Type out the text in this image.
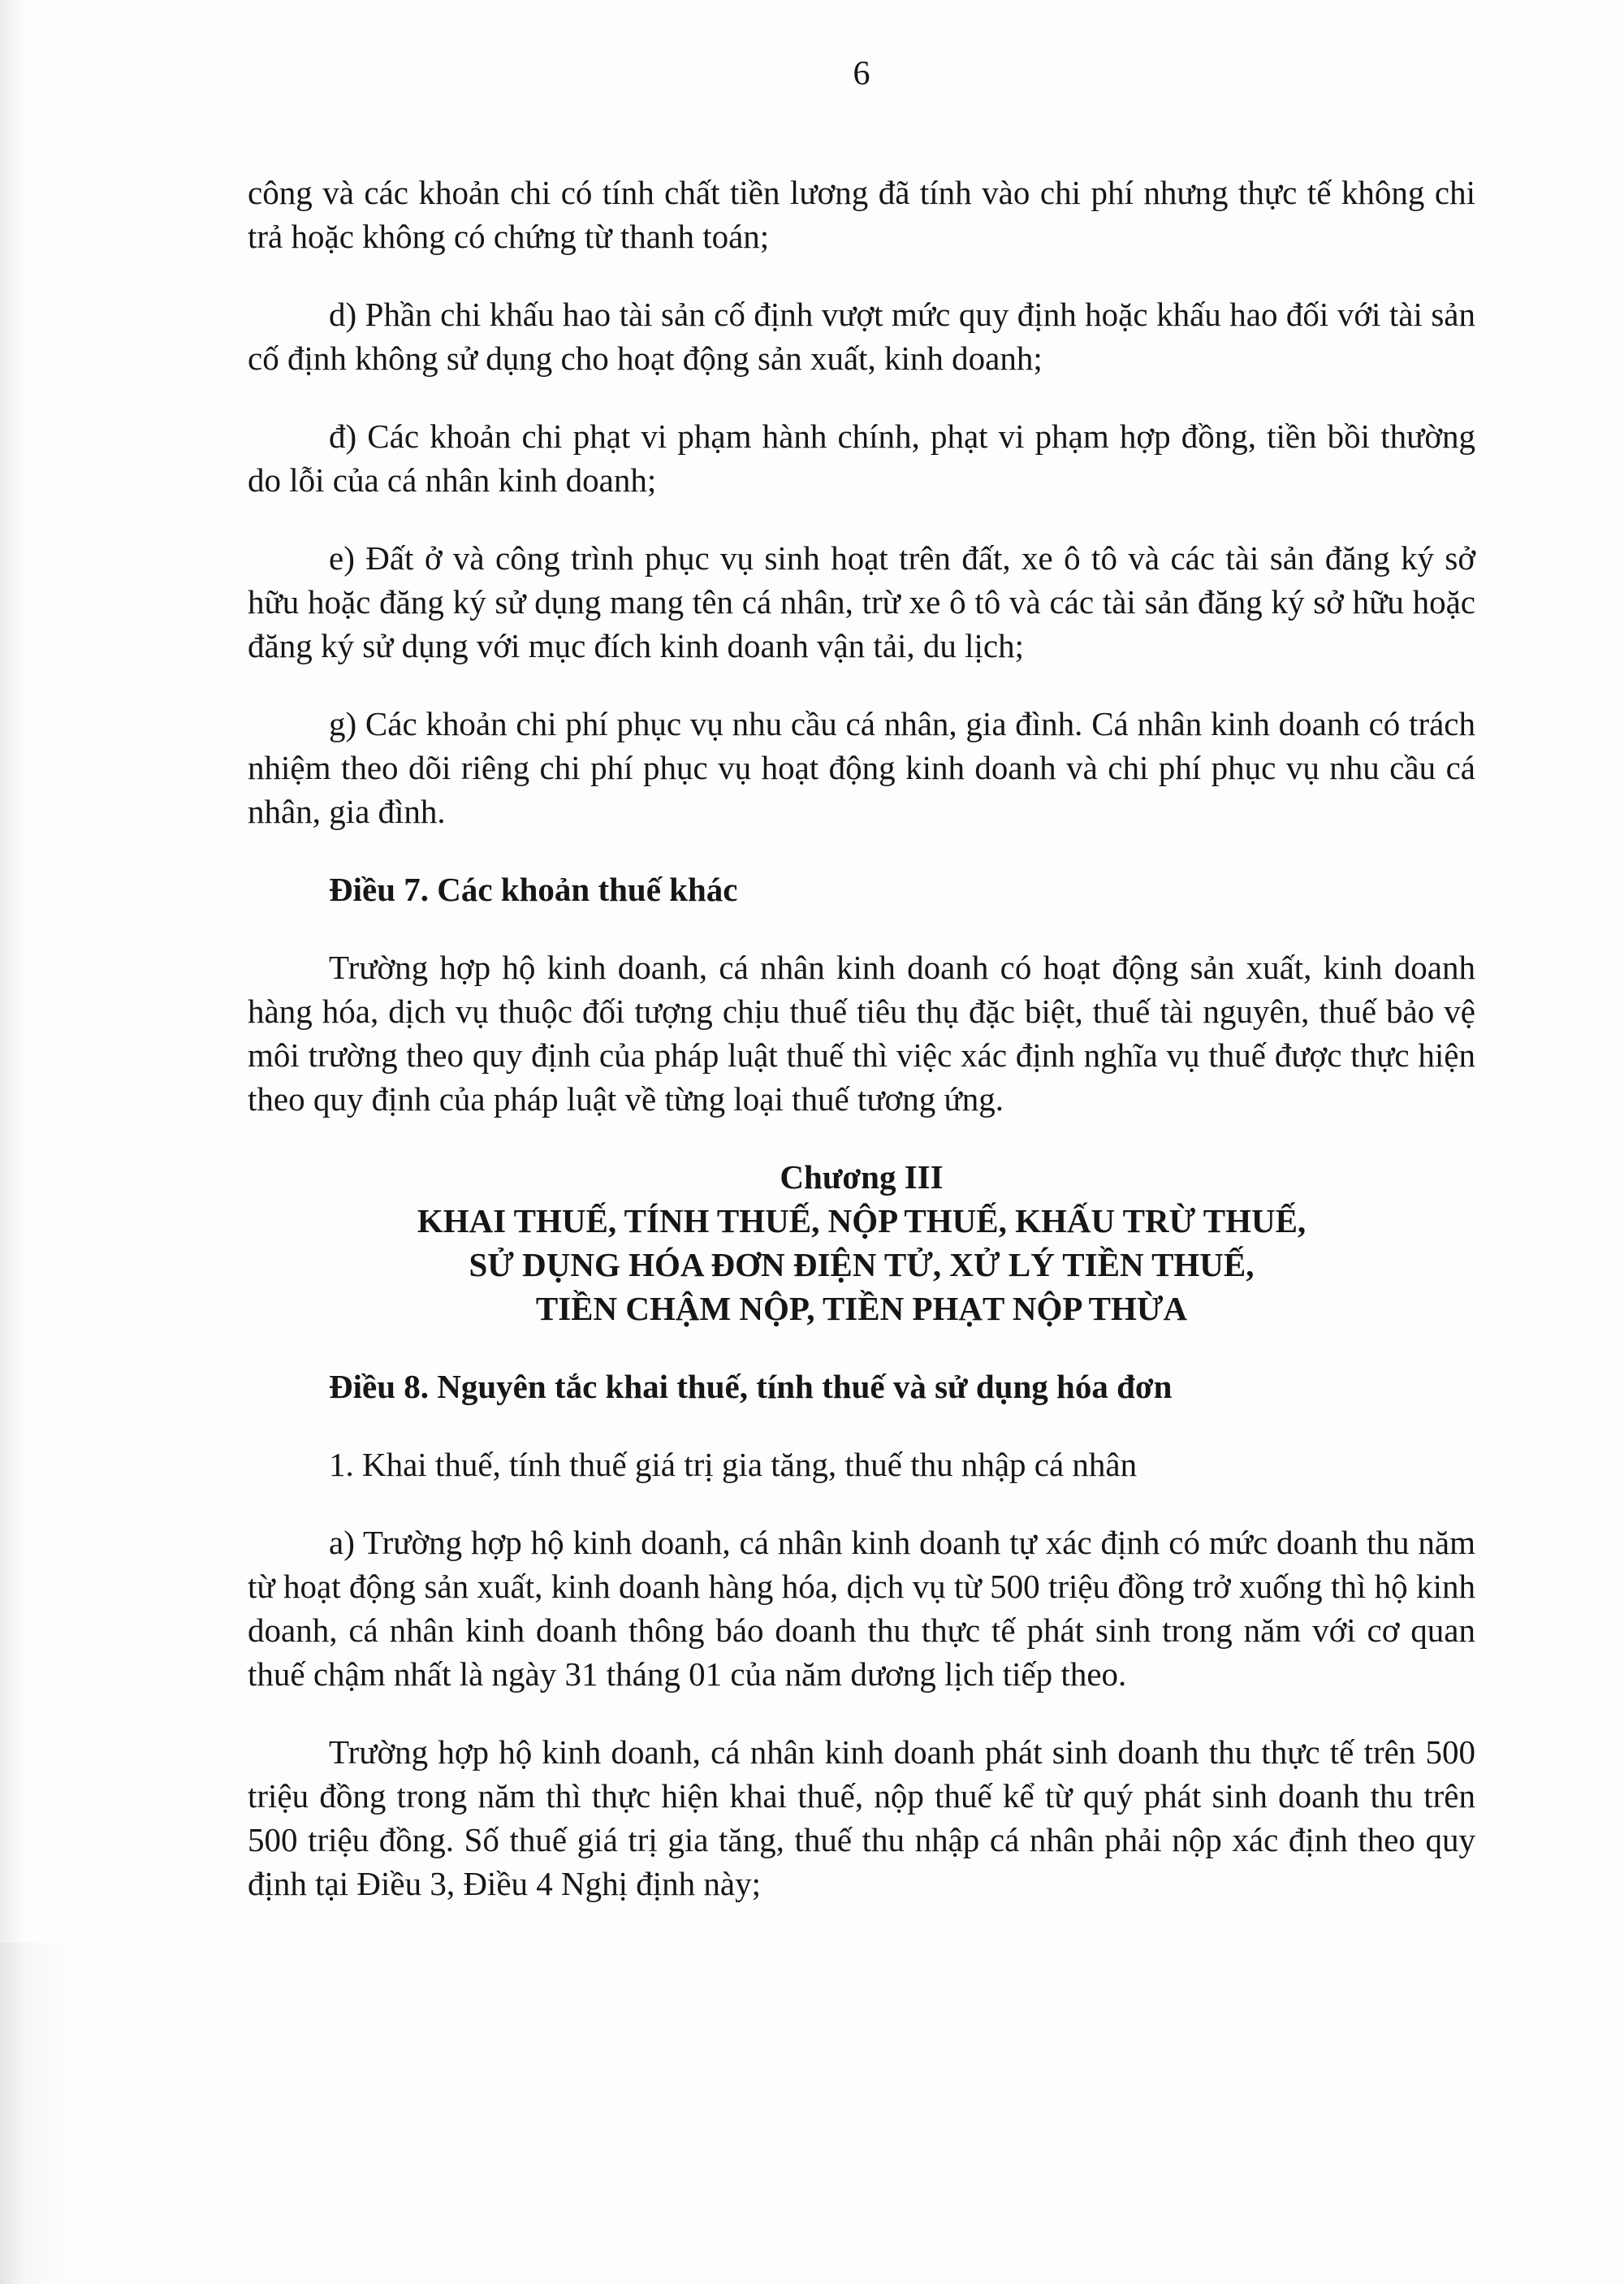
6

công và các khoản chi có tính chất tiền lương đã tính vào chi phí nhưng thực tế không chi trả hoặc không có chứng từ thanh toán;

d) Phần chi khấu hao tài sản cố định vượt mức quy định hoặc khấu hao đối với tài sản cố định không sử dụng cho hoạt động sản xuất, kinh doanh;

đ) Các khoản chi phạt vi phạm hành chính, phạt vi phạm hợp đồng, tiền bồi thường do lỗi của cá nhân kinh doanh;

e) Đất ở và công trình phục vụ sinh hoạt trên đất, xe ô tô và các tài sản đăng ký sở hữu hoặc đăng ký sử dụng mang tên cá nhân, trừ xe ô tô và các tài sản đăng ký sở hữu hoặc đăng ký sử dụng với mục đích kinh doanh vận tải, du lịch;

g) Các khoản chi phí phục vụ nhu cầu cá nhân, gia đình. Cá nhân kinh doanh có trách nhiệm theo dõi riêng chi phí phục vụ hoạt động kinh doanh và chi phí phục vụ nhu cầu cá nhân, gia đình.

Điều 7. Các khoản thuế khác

Trường hợp hộ kinh doanh, cá nhân kinh doanh có hoạt động sản xuất, kinh doanh hàng hóa, dịch vụ thuộc đối tượng chịu thuế tiêu thụ đặc biệt, thuế tài nguyên, thuế bảo vệ môi trường theo quy định của pháp luật thuế thì việc xác định nghĩa vụ thuế được thực hiện theo quy định của pháp luật về từng loại thuế tương ứng.

Chương III
KHAI THUẾ, TÍNH THUẾ, NỘP THUẾ, KHẤU TRỪ THUẾ,
SỬ DỤNG HÓA ĐƠN ĐIỆN TỬ, XỬ LÝ TIỀN THUẾ,
TIỀN CHẬM NỘP, TIỀN PHẠT NỘP THỪA

Điều 8. Nguyên tắc khai thuế, tính thuế và sử dụng hóa đơn

1. Khai thuế, tính thuế giá trị gia tăng, thuế thu nhập cá nhân

a) Trường hợp hộ kinh doanh, cá nhân kinh doanh tự xác định có mức doanh thu năm từ hoạt động sản xuất, kinh doanh hàng hóa, dịch vụ từ 500 triệu đồng trở xuống thì hộ kinh doanh, cá nhân kinh doanh thông báo doanh thu thực tế phát sinh trong năm với cơ quan thuế chậm nhất là ngày 31 tháng 01 của năm dương lịch tiếp theo.

Trường hợp hộ kinh doanh, cá nhân kinh doanh phát sinh doanh thu thực tế trên 500 triệu đồng trong năm thì thực hiện khai thuế, nộp thuế kể từ quý phát sinh doanh thu trên 500 triệu đồng. Số thuế giá trị gia tăng, thuế thu nhập cá nhân phải nộp xác định theo quy định tại Điều 3, Điều 4 Nghị định này;
